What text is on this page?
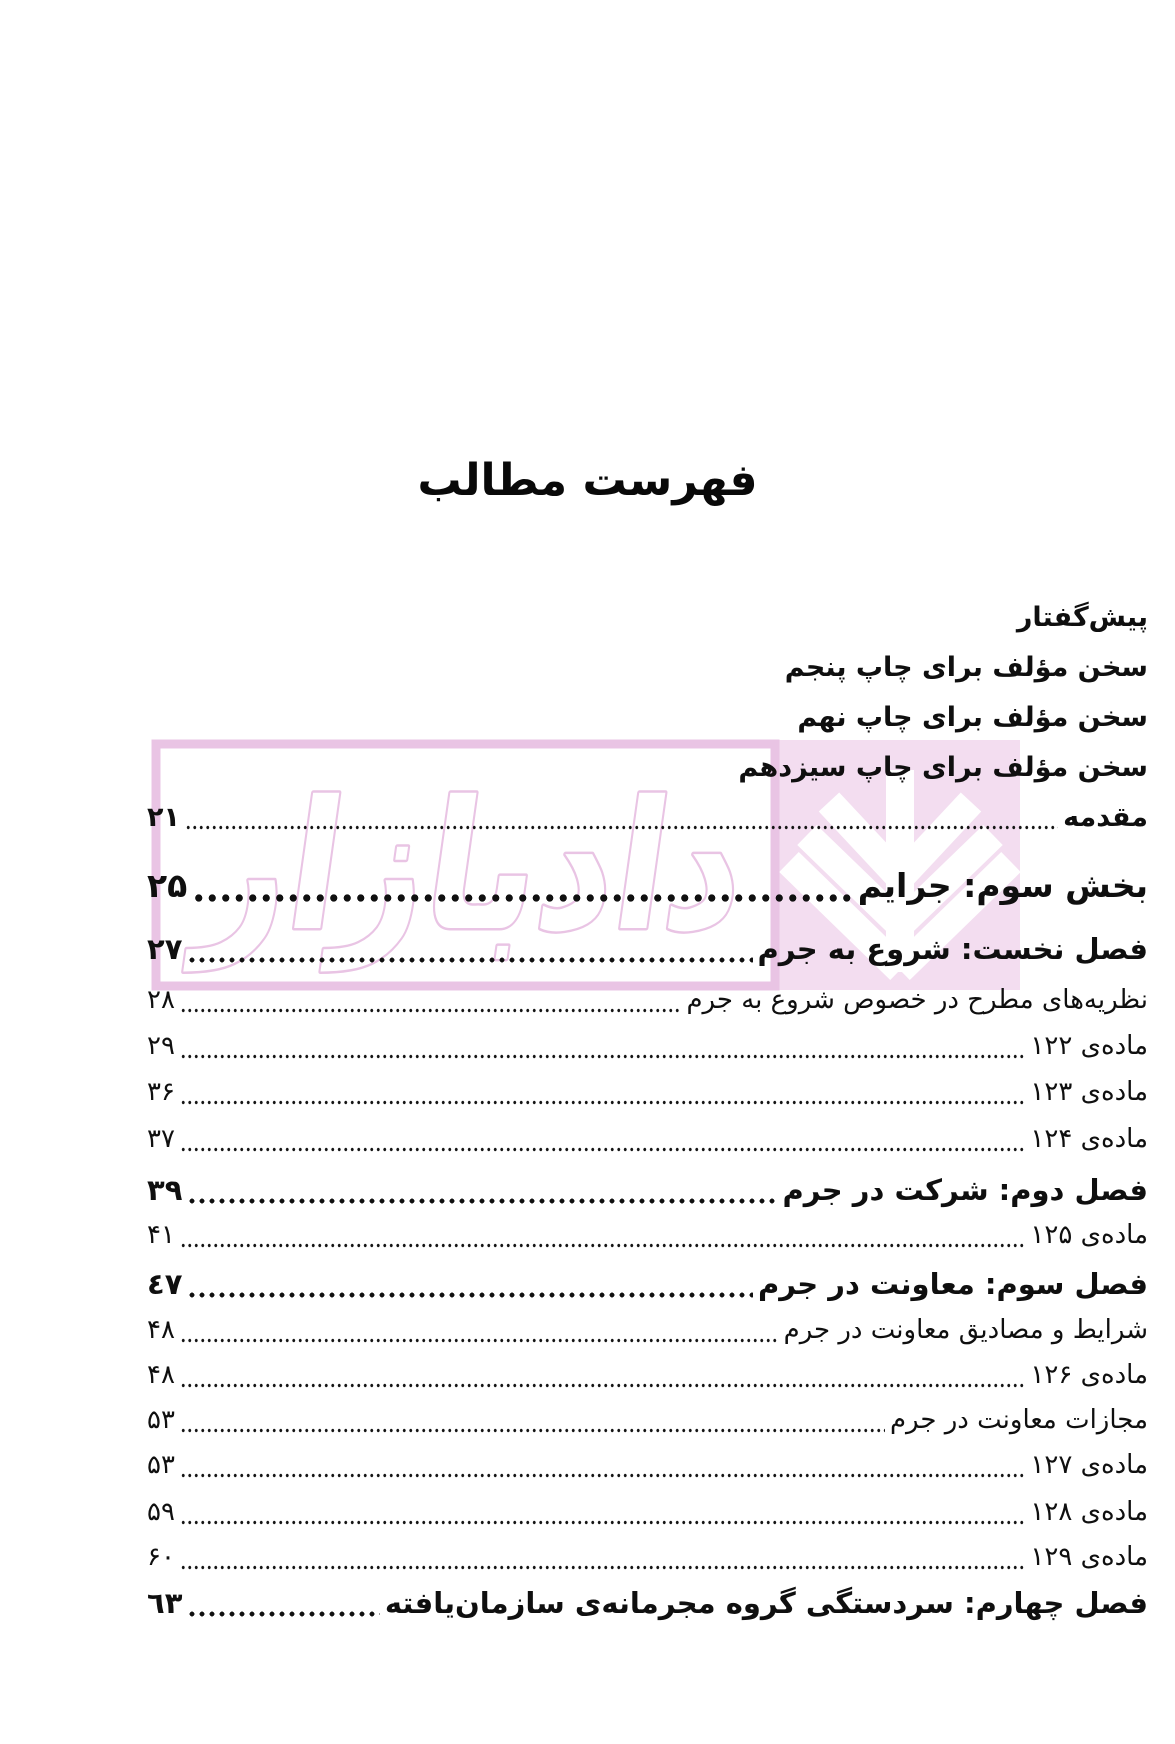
فهرست مطالب
پیش‌گفتار
سخن مؤلف برای چاپ پنجم
سخن مؤلف برای چاپ نهم
سخن مؤلف برای چاپ سیزدهم
مقدمه
۲۱
بخش سوم: جرایم
۲۵
فصل نخست: شروع به جرم
۲۷
نظریه‌های مطرح در خصوص شروع به جرم
۲۸
ماده‌ی ۱۲۲
۲۹
ماده‌ی ۱۲۳
۳۶
ماده‌ی ۱۲۴
۳۷
فصل دوم: شرکت در جرم
۳۹
ماده‌ی ۱۲۵
۴۱
فصل سوم: معاونت در جرم
٤٧
شرایط و مصادیق معاونت در جرم
۴۸
ماده‌ی ۱۲۶
۴۸
مجازات معاونت در جرم
۵۳
ماده‌ی ۱۲۷
۵۳
ماده‌ی ۱۲۸
۵۹
ماده‌ی ۱۲۹
۶۰
فصل چهارم: سردستگی گروه مجرمانه‌ی سازمان‌یافته
٦٣
